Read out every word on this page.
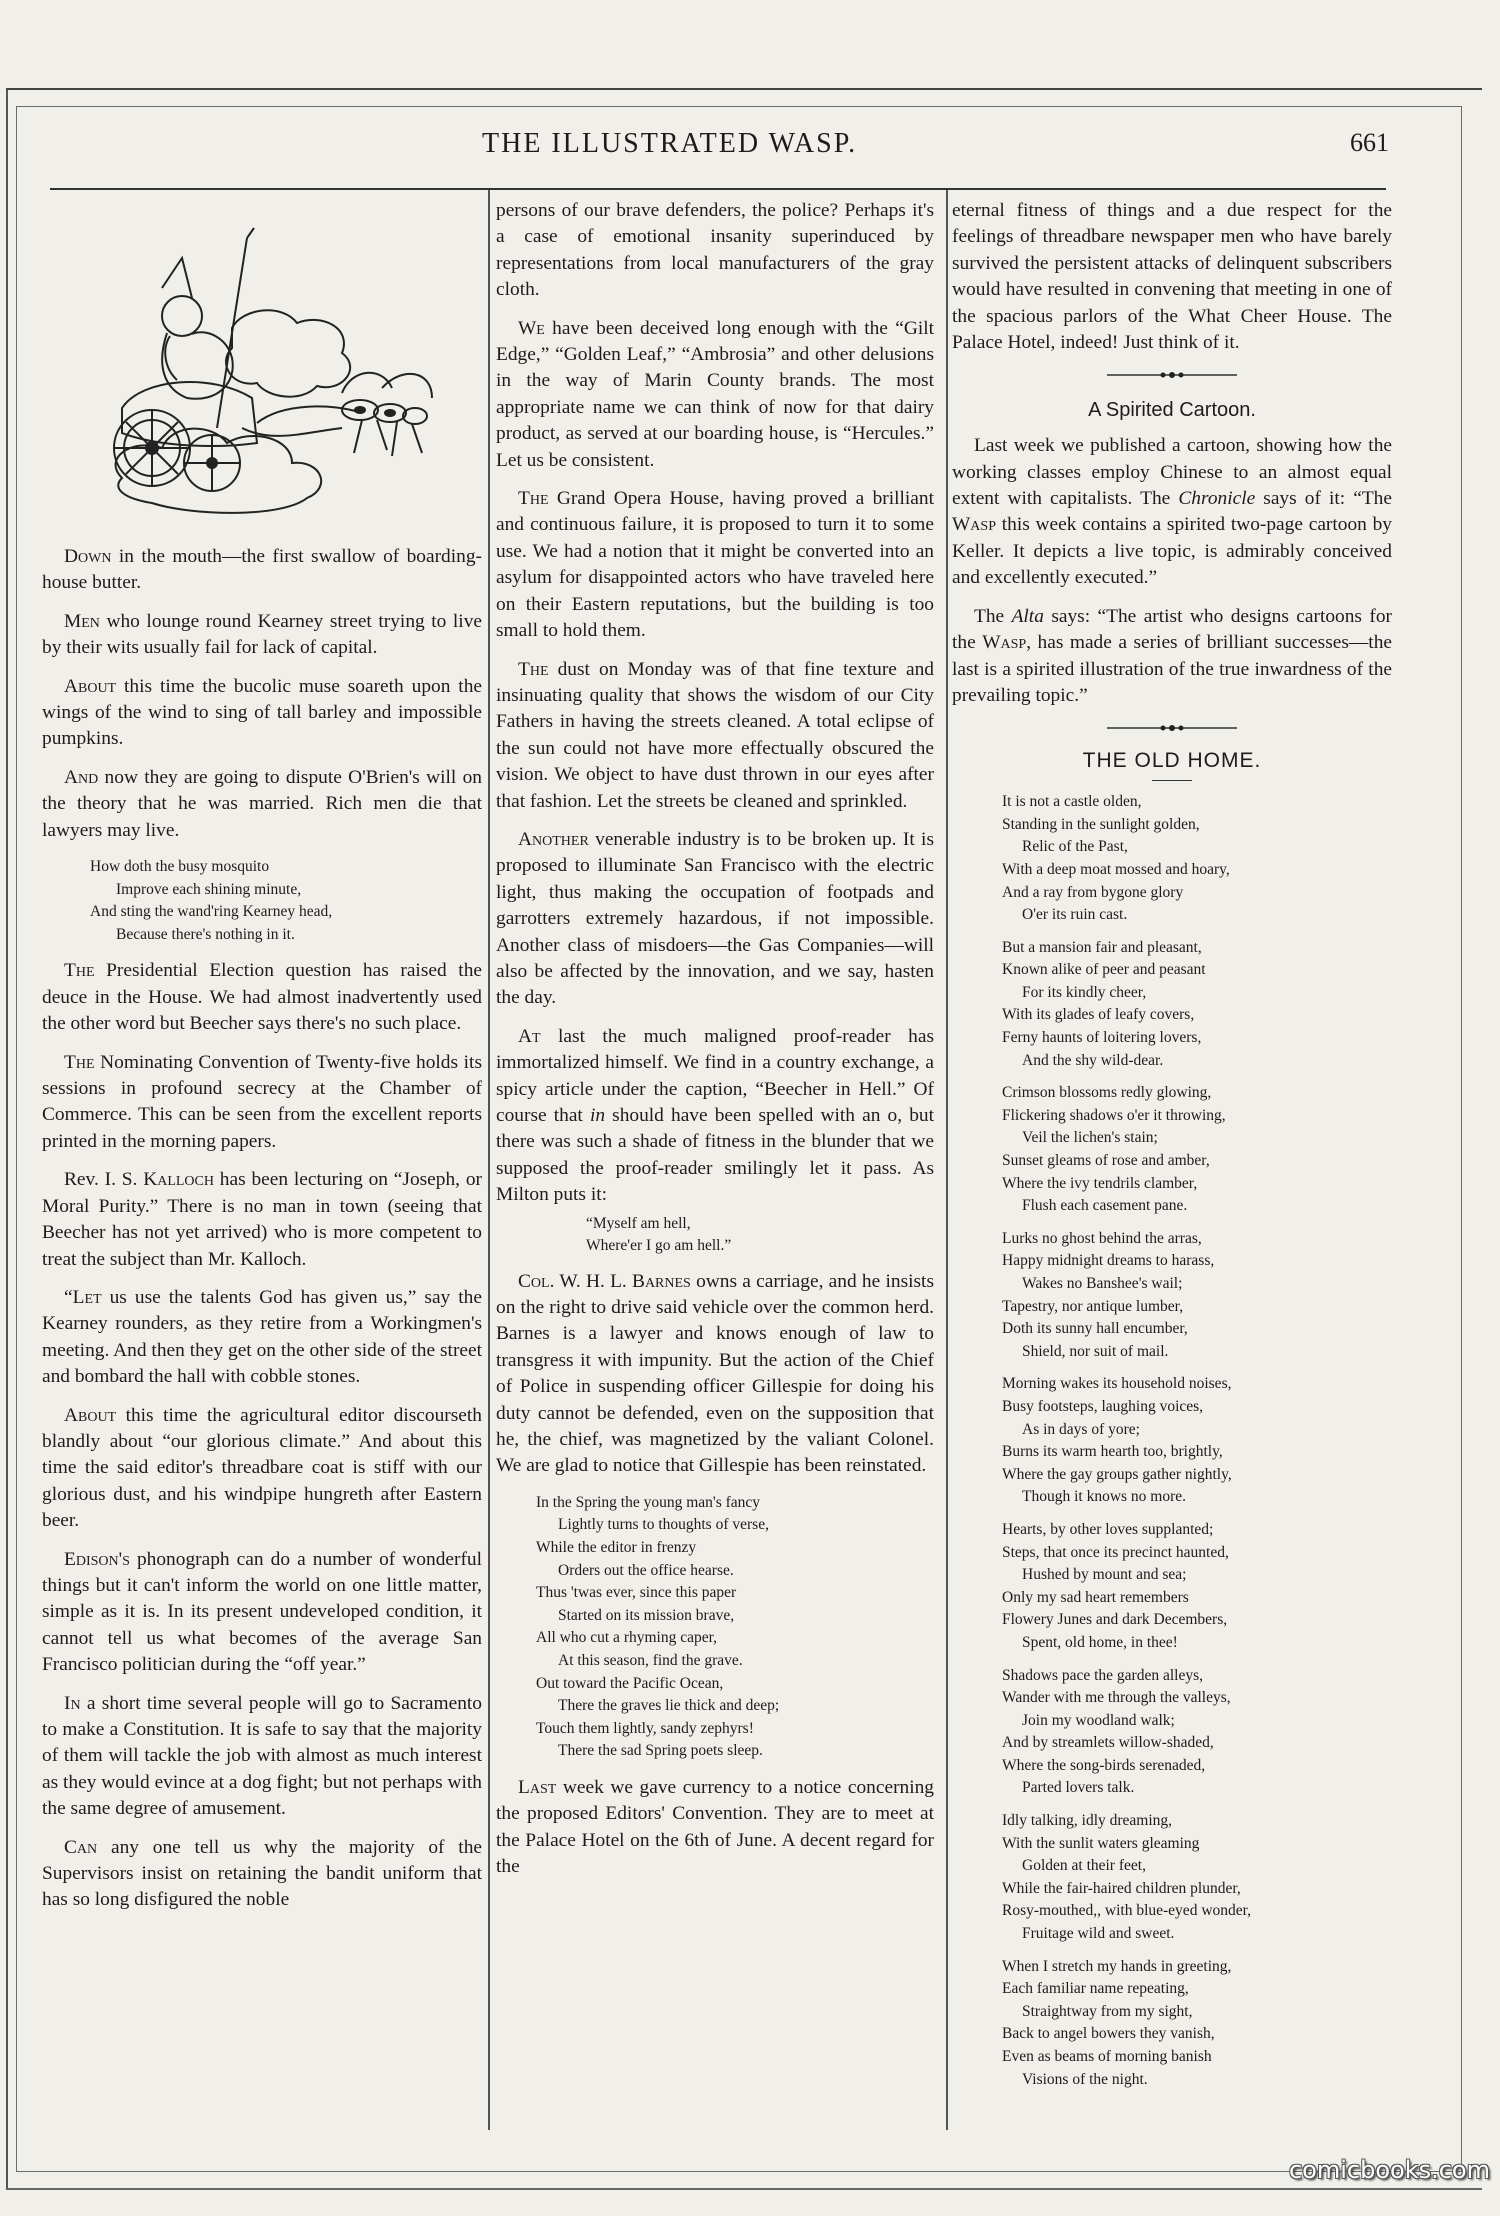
THE ILLUSTRATED WASP.	661

Down in the mouth—the first swallow of boarding-house butter.

Men who lounge round Kearney street trying to live by their wits usually fail for lack of capital.

About this time the bucolic muse soareth upon the wings of the wind to sing of tall barley and impossible pumpkins.

And now they are going to dispute O'Brien's will on the theory that he was married. Rich men die that lawyers may live.

How doth the busy mosquito
Improve each shining minute,
And sting the wand'ring Kearney head,
Because there's nothing in it.

The Presidential Election question has raised the deuce in the House. We had almost inadvertently used the other word but Beecher says there's no such place.

The Nominating Convention of Twenty-five holds its sessions in profound secrecy at the Chamber of Commerce. This can be seen from the excellent reports printed in the morning papers.

Rev. I. S. Kalloch has been lecturing on “Joseph, or Moral Purity.” There is no man in town (seeing that Beecher has not yet arrived) who is more competent to treat the subject than Mr. Kalloch.

“Let us use the talents God has given us,” say the Kearney rounders, as they retire from a Workingmen's meeting. And then they get on the other side of the street and bombard the hall with cobble stones.

About this time the agricultural editor discourseth blandly about “our glorious climate.” And about this time the said editor's threadbare coat is stiff with our glorious dust, and his windpipe hungreth after Eastern beer.

Edison's phonograph can do a number of wonderful things but it can't inform the world on one little matter, simple as it is. In its present undeveloped condition, it cannot tell us what becomes of the average San Francisco politician during the “off year.”

In a short time several people will go to Sacramento to make a Constitution. It is safe to say that the majority of them will tackle the job with almost as much interest as they would evince at a dog fight; but not perhaps with the same degree of amusement.

Can any one tell us why the majority of the Supervisors insist on retaining the bandit uniform that has so long disfigured the noble

persons of our brave defenders, the police? Perhaps it's a case of emotional insanity superinduced by representations from local manufacturers of the gray cloth.

We have been deceived long enough with the “Gilt Edge,” “Golden Leaf,” “Ambrosia” and other delusions in the way of Marin County brands. The most appropriate name we can think of now for that dairy product, as served at our boarding house, is “Hercules.” Let us be consistent.

The Grand Opera House, having proved a brilliant and continuous failure, it is proposed to turn it to some use. We had a notion that it might be converted into an asylum for disappointed actors who have traveled here on their Eastern reputations, but the building is too small to hold them.

The dust on Monday was of that fine texture and insinuating quality that shows the wisdom of our City Fathers in having the streets cleaned. A total eclipse of the sun could not have more effectually obscured the vision. We object to have dust thrown in our eyes after that fashion. Let the streets be cleaned and sprinkled.

Another venerable industry is to be broken up. It is proposed to illuminate San Francisco with the electric light, thus making the occupation of footpads and garrotters extremely hazardous, if not impossible. Another class of misdoers—the Gas Companies—will also be affected by the innovation, and we say, hasten the day.

At last the much maligned proof-reader has immortalized himself. We find in a country exchange, a spicy article under the caption, “Beecher in Hell.” Of course that in should have been spelled with an o, but there was such a shade of fitness in the blunder that we supposed the proof-reader smilingly let it pass. As Milton puts it:

“Myself am hell,
Where'er I go am hell.”

Col. W. H. L. Barnes owns a carriage, and he insists on the right to drive said vehicle over the common herd. Barnes is a lawyer and knows enough of law to transgress it with impunity. But the action of the Chief of Police in suspending officer Gillespie for doing his duty cannot be defended, even on the supposition that he, the chief, was magnetized by the valiant Colonel. We are glad to notice that Gillespie has been reinstated.

In the Spring the young man's fancy
Lightly turns to thoughts of verse,
While the editor in frenzy
Orders out the office hearse.
Thus 'twas ever, since this paper
Started on its mission brave,
All who cut a rhyming caper,
At this season, find the grave.
Out toward the Pacific Ocean,
There the graves lie thick and deep;
Touch them lightly, sandy zephyrs!
There the sad Spring poets sleep.

Last week we gave currency to a notice concerning the proposed Editors' Convention. They are to meet at the Palace Hotel on the 6th of June. A decent regard for the

eternal fitness of things and a due respect for the feelings of threadbare newspaper men who have barely survived the persistent attacks of delinquent subscribers would have resulted in convening that meeting in one of the spacious parlors of the What Cheer House. The Palace Hotel, indeed! Just think of it.

A Spirited Cartoon.

Last week we published a cartoon, showing how the working classes employ Chinese to an almost equal extent with capitalists. The Chronicle says of it: “The Wasp this week contains a spirited two-page cartoon by Keller. It depicts a live topic, is admirably conceived and excellently executed.”

The Alta says: “The artist who designs cartoons for the Wasp, has made a series of brilliant successes—the last is a spirited illustration of the true inwardness of the prevailing topic.”

THE OLD HOME.
It is not a castle olden,
Standing in the sunlight golden,
Relic of the Past,
With a deep moat mossed and hoary,
And a ray from bygone glory
O'er its ruin cast.
But a mansion fair and pleasant,
Known alike of peer and peasant
For its kindly cheer,
With its glades of leafy covers,
Ferny haunts of loitering lovers,
And the shy wild-dear.
Crimson blossoms redly glowing,
Flickering shadows o'er it throwing,
Veil the lichen's stain;
Sunset gleams of rose and amber,
Where the ivy tendrils clamber,
Flush each casement pane.
Lurks no ghost behind the arras,
Happy midnight dreams to harass,
Wakes no Banshee's wail;
Tapestry, nor antique lumber,
Doth its sunny hall encumber,
Shield, nor suit of mail.
Morning wakes its household noises,
Busy footsteps, laughing voices,
As in days of yore;
Burns its warm hearth too, brightly,
Where the gay groups gather nightly,
Though it knows no more.
Hearts, by other loves supplanted;
Steps, that once its precinct haunted,
Hushed by mount and sea;
Only my sad heart remembers
Flowery Junes and dark Decembers,
Spent, old home, in thee!
Shadows pace the garden alleys,
Wander with me through the valleys,
Join my woodland walk;
And by streamlets willow-shaded,
Where the song-birds serenaded,
Parted lovers talk.
Idly talking, idly dreaming,
With the sunlit waters gleaming
Golden at their feet,
While the fair-haired children plunder,
Rosy-mouthed,, with blue-eyed wonder,
Fruitage wild and sweet.
When I stretch my hands in greeting,
Each familiar name repeating,
Straightway from my sight,
Back to angel bowers they vanish,
Even as beams of morning banish
Visions of the night.
comicbooks.com
